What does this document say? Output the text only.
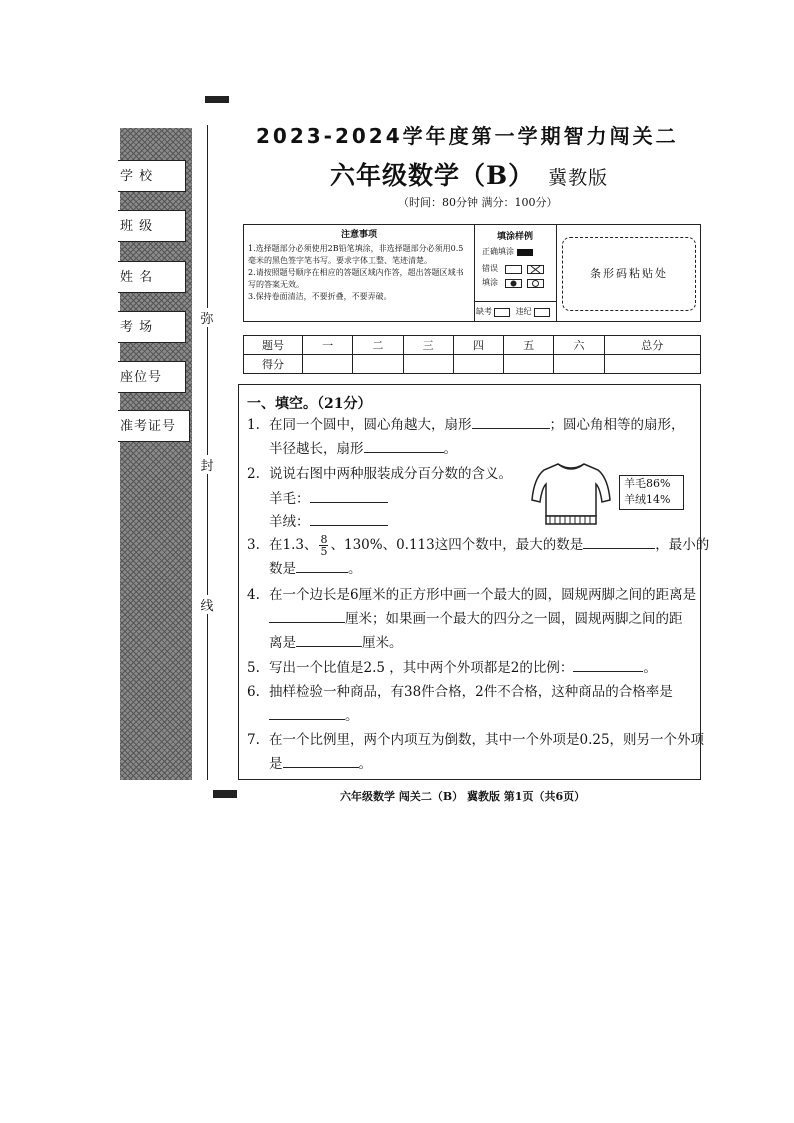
学 校
班 级
姓 名
考 场
座位号
准考证号
弥
封
线
2023-2024学年度第一学期智力闯关二
六年级数学（B） 冀教版
（时间：80分钟 满分：100分）
注意事项
1.选择题部分必须使用2B铅笔填涂，非选择题部分必须用0.5毫米的黑色签字笔书写。要求字体工整、笔迹清楚。
2.请按照题号顺序在相应的答题区域内作答，超出答题区域书写的答案无效。
3.保持卷面清洁，不要折叠，不要弄破。
填涂样例
正确填涂
错误
填涂
缺考	违纪
条形码粘贴处
题号	一	二	三	四	五	六	总分
得分							
一、填空。（21分）
1. 在同一个圆中，圆心角越大，扇形	；圆心角相等的扇形，
半径越长，扇形	。
2. 说说右图中两种服装成分百分数的含义。
羊毛：
羊绒：
羊毛86%
羊绒14%
3. 在1.3、 $\frac{8}{5}$ 、130%、0.113这四个数中，最大的数是	，最小的
数是	。
4. 在一个边长是6厘米的正方形中画一个最大的圆，圆规两脚之间的距离是
厘米；如果画一个最大的四分之一圆，圆规两脚之间的距
离是	厘米。
5. 写出一个比值是2.5 ，其中两个外项都是2的比例：	。
6. 抽样检验一种商品，有38件合格，2件不合格，这种商品的合格率是
。
7. 在一个比例里，两个内项互为倒数，其中一个外项是0.25，则另一个外项
是	。
六年级数学 闯关二（B） 冀教版 第1页（共6页）
